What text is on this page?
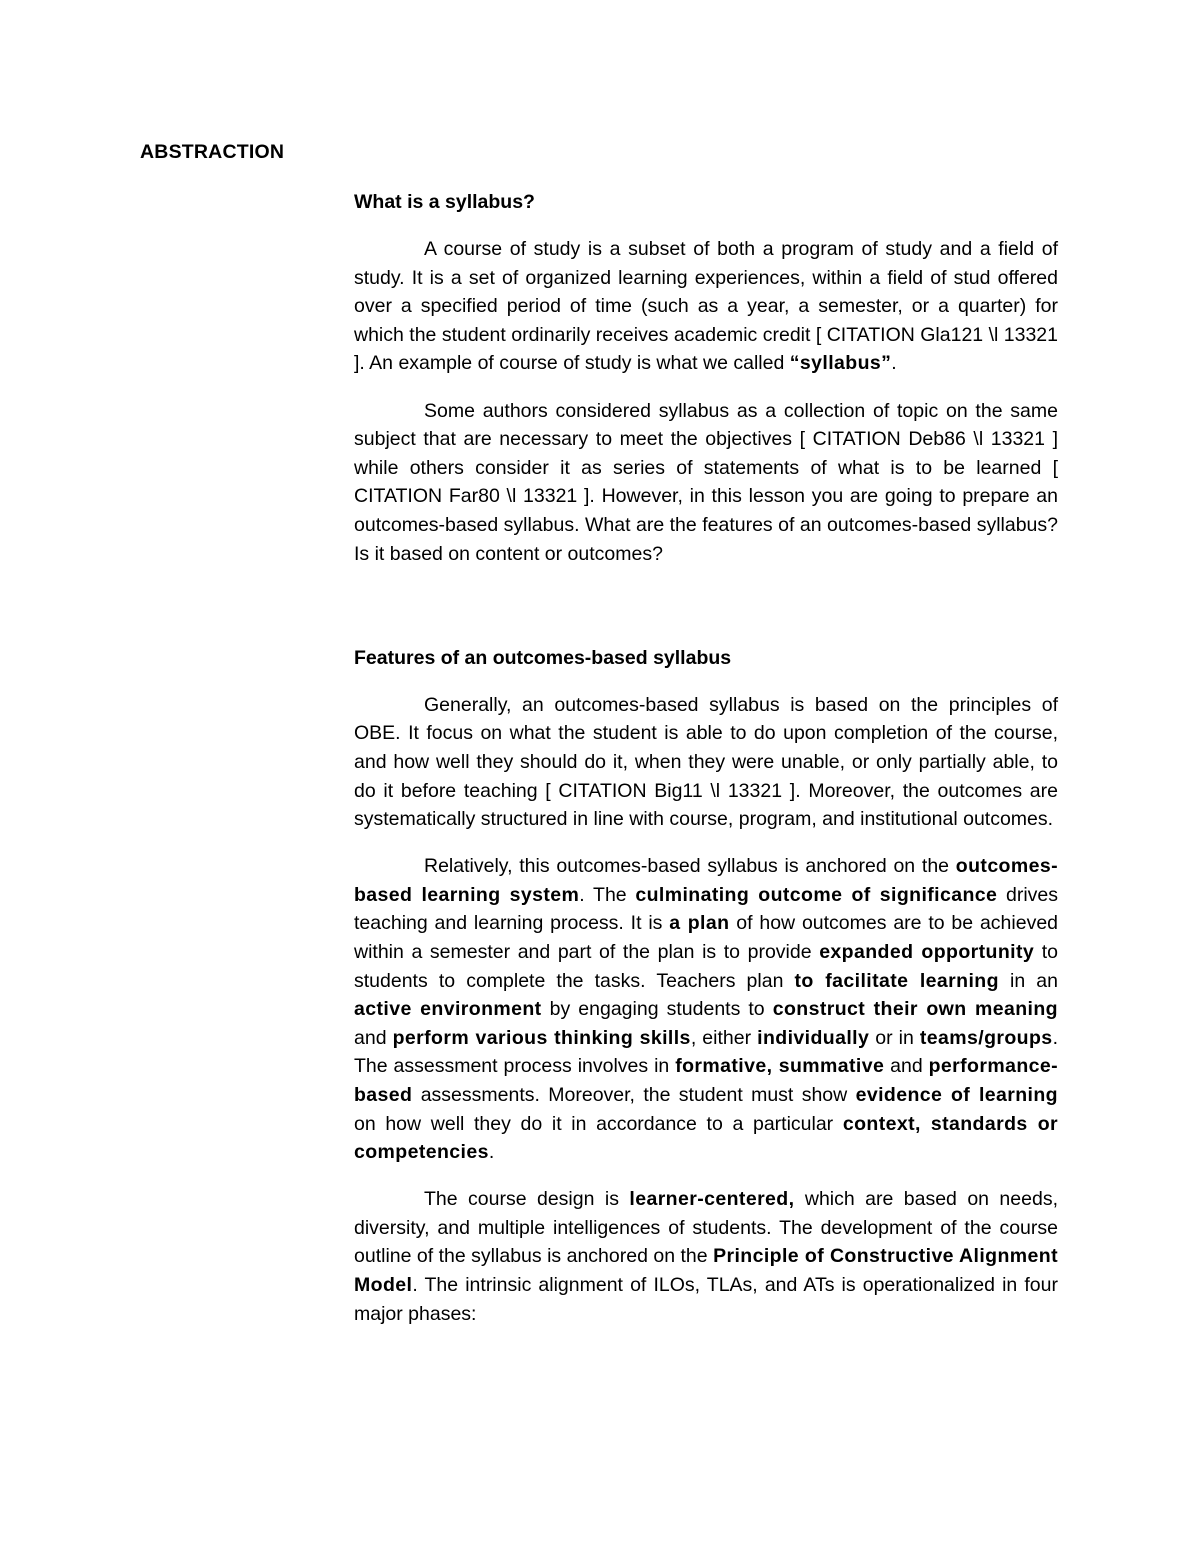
ABSTRACTION
What is a syllabus?

A course of study is a subset of both a program of study and a field of study. It is a set of organized learning experiences, within a field of stud offered over a specified period of time (such as a year, a semester, or a quarter) for which the student ordinarily receives academic credit [ CITATION Gla121 \l 13321 ]. An example of course of study is what we called “syllabus”.

Some authors considered syllabus as a collection of topic on the same subject that are necessary to meet the objectives [ CITATION Deb86 \l 13321 ] while others consider it as series of statements of what is to be learned [ CITATION Far80 \l 13321 ]. However, in this lesson you are going to prepare an outcomes-based syllabus. What are the features of an outcomes-based syllabus? Is it based on content or outcomes?

Features of an outcomes-based syllabus

Generally, an outcomes-based syllabus is based on the principles of OBE. It focus on what the student is able to do upon completion of the course, and how well they should do it, when they were unable, or only partially able, to do it before teaching [ CITATION Big11 \l 13321 ]. Moreover, the outcomes are systematically structured in line with course, program, and institutional outcomes.

Relatively, this outcomes-based syllabus is anchored on the outcomes-based learning system. The culminating outcome of significance drives teaching and learning process. It is a plan of how outcomes are to be achieved within a semester and part of the plan is to provide expanded opportunity to students to complete the tasks. Teachers plan to facilitate learning in an active environment by engaging students to construct their own meaning and perform various thinking skills, either individually or in teams/groups. The assessment process involves in formative, summative and performance-based assessments. Moreover, the student must show evidence of learning on how well they do it in accordance to a particular context, standards or competencies.

The course design is learner-centered, which are based on needs, diversity, and multiple intelligences of students. The development of the course outline of the syllabus is anchored on the Principle of Constructive Alignment Model. The intrinsic alignment of ILOs, TLAs, and ATs is operationalized in four major phases:
